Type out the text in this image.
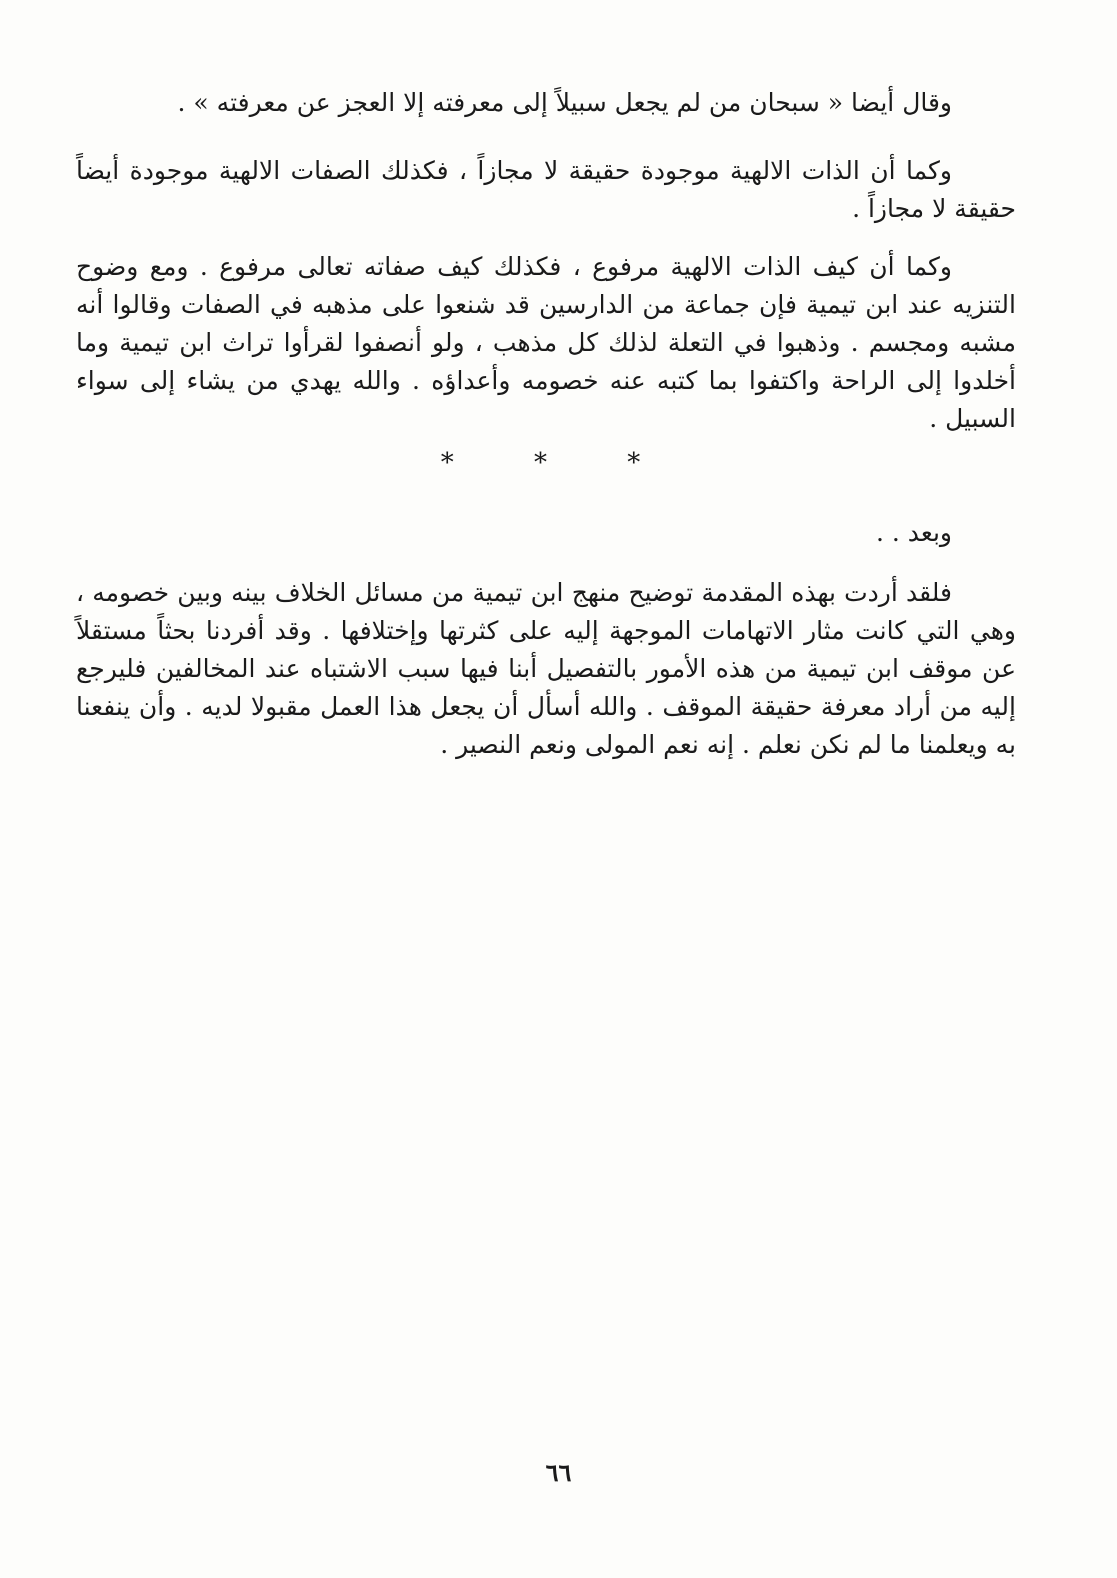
وقال أيضا « سبحان من لم يجعل سبيلاً إلى معرفته إلا العجز عن معرفته » .

وكما أن الذات الالهية موجودة حقيقة لا مجازاً ، فكذلك الصفات الالهية موجودة أيضاً حقيقة لا مجازاً .

وكما أن كيف الذات الالهية مرفوع ، فكذلك كيف صفاته تعالى مرفوع . ومع وضوح التنزيه عند ابن تيمية فإن جماعة من الدارسين قد شنعوا على مذهبه في الصفات وقالوا أنه مشبه ومجسم . وذهبوا في التعلة لذلك كل مذهب ، ولو أنصفوا لقرأوا تراث ابن تيمية وما أخلدوا إلى الراحة واكتفوا بما كتبه عنه خصومه وأعداؤه . والله يهدي من يشاء إلى سواء السبيل .

* * *

وبعد . .

فلقد أردت بهذه المقدمة توضيح منهج ابن تيمية من مسائل الخلاف بينه وبين خصومه ، وهي التي كانت مثار الاتهامات الموجهة إليه على كثرتها وإختلافها . وقد أفردنا بحثاً مستقلاً عن موقف ابن تيمية من هذه الأمور بالتفصيل أبنا فيها سبب الاشتباه عند المخالفين فليرجع إليه من أراد معرفة حقيقة الموقف . والله أسأل أن يجعل هذا العمل مقبولا لديه . وأن ينفعنا به ويعلمنا ما لم نكن نعلم . إنه نعم المولى ونعم النصير .

٦٦
